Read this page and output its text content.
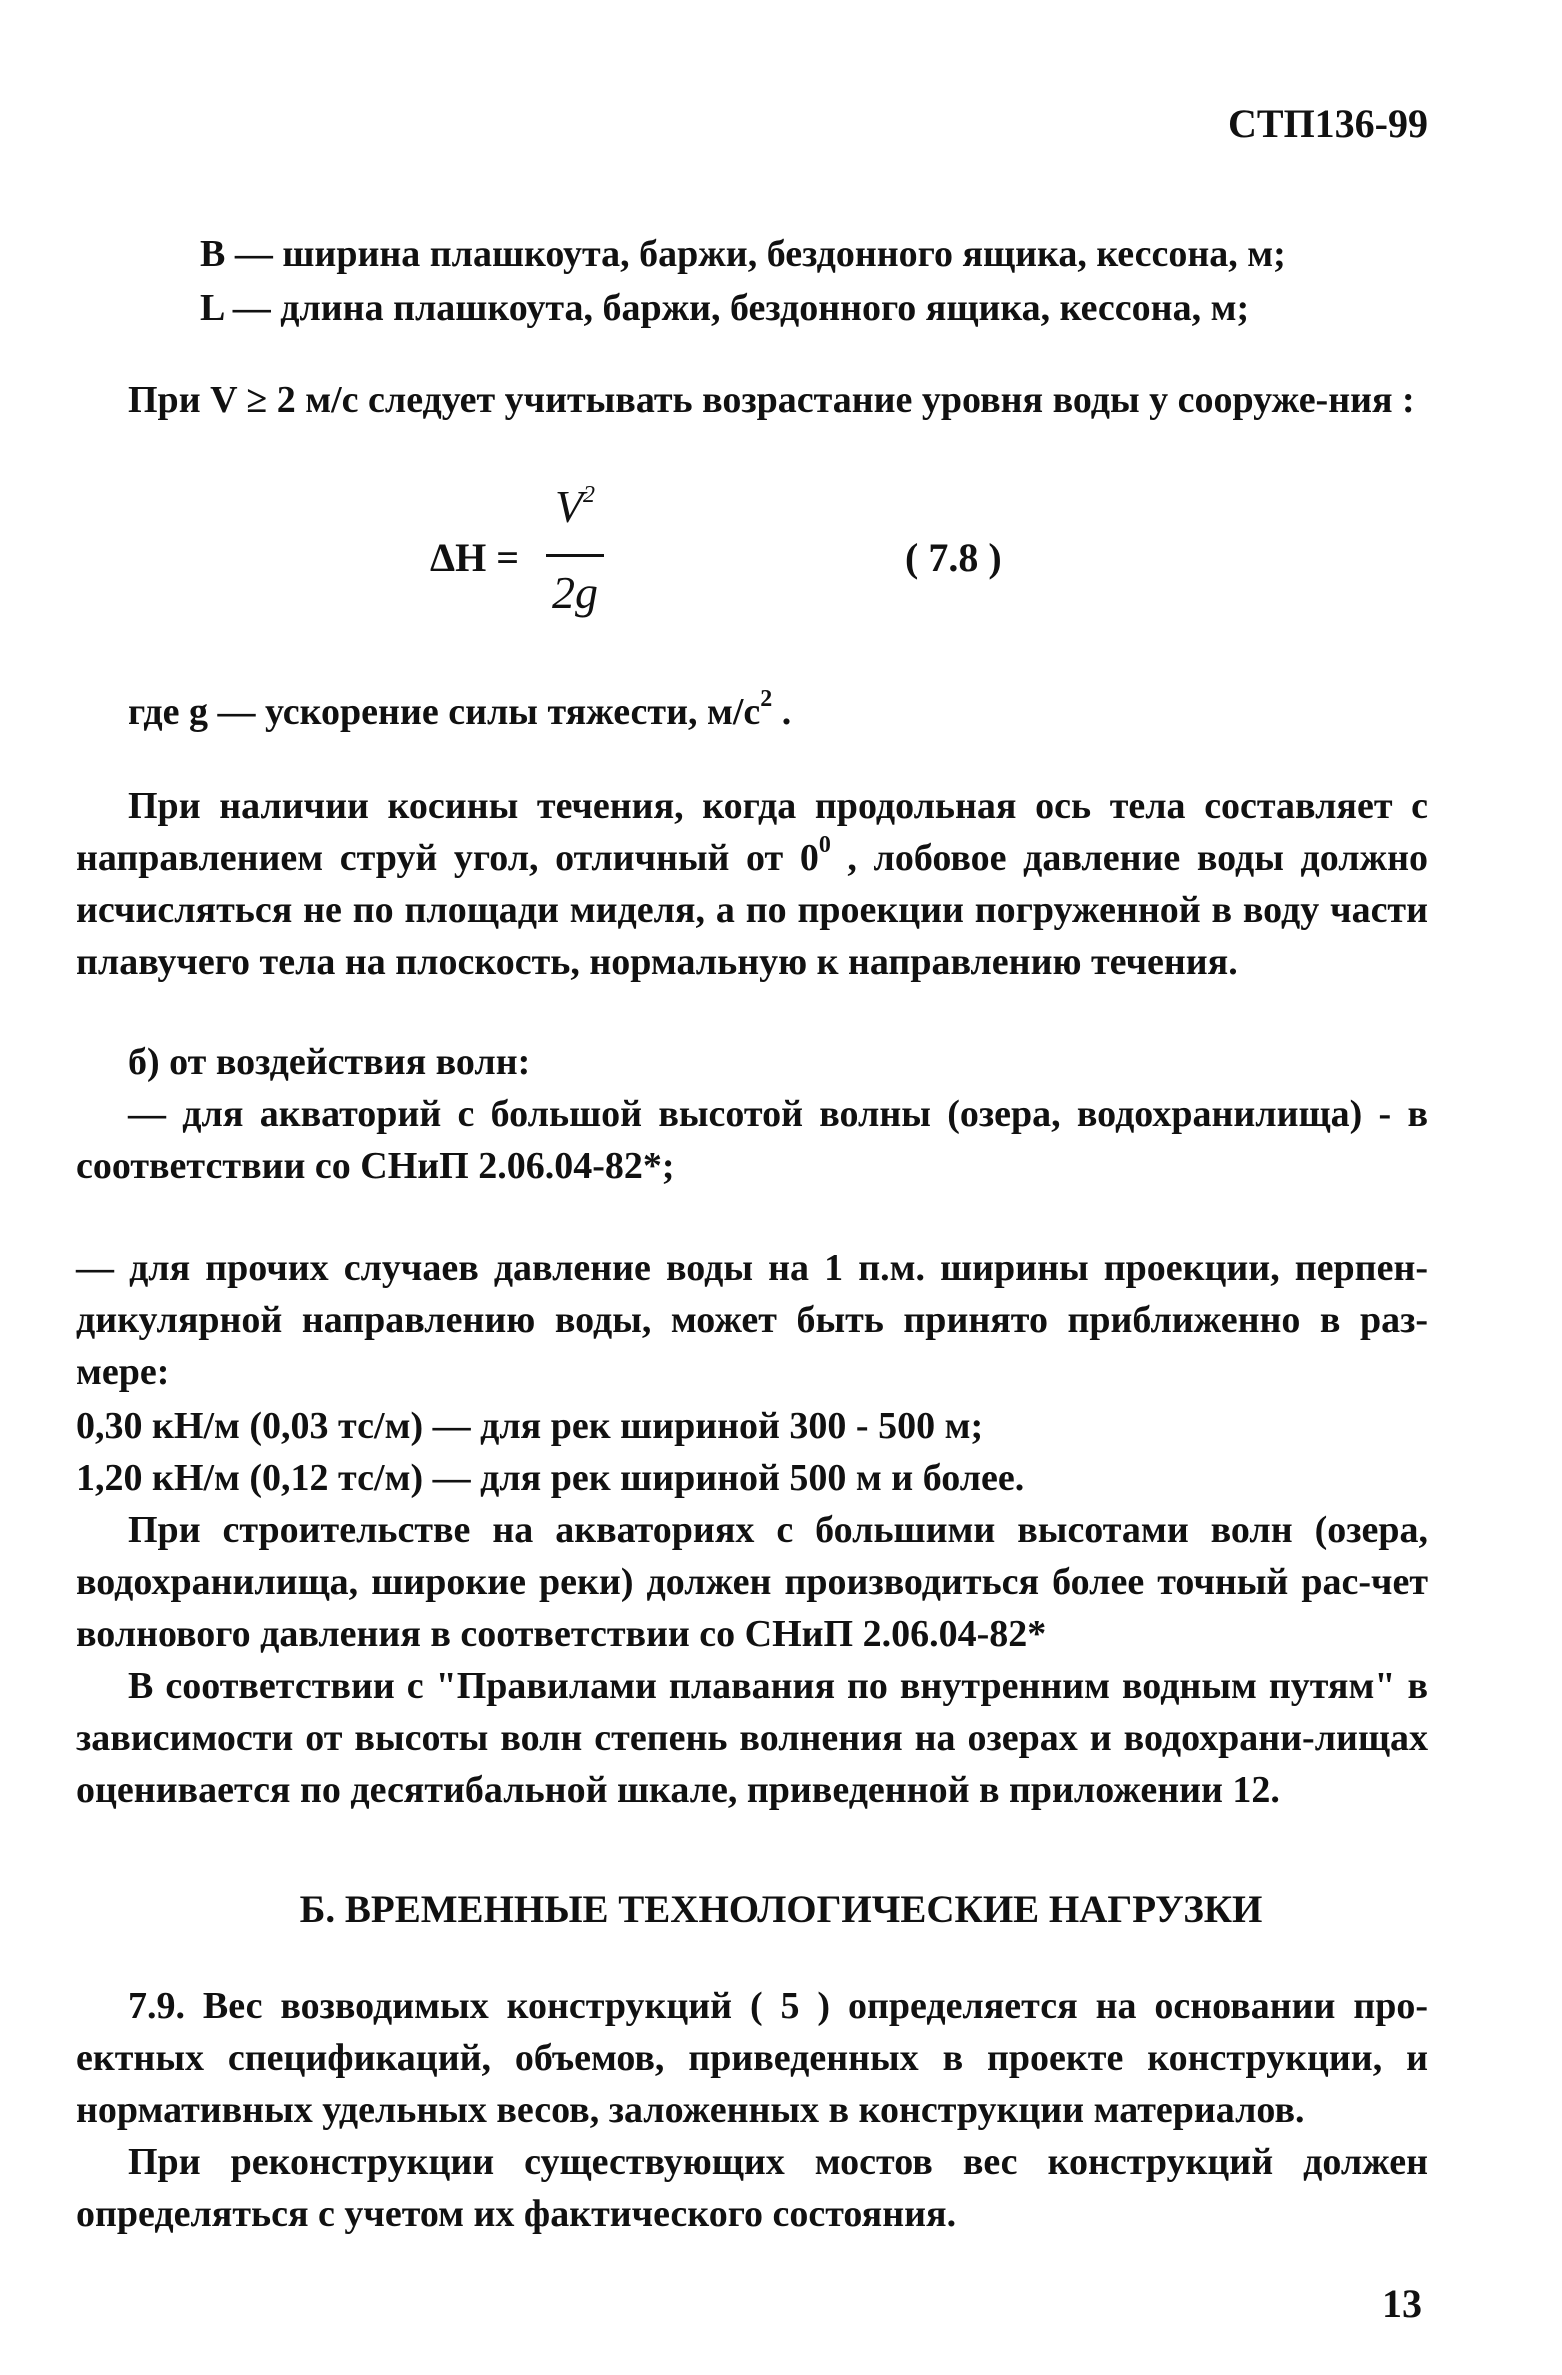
СТП136-99
B — ширина плашкоута, баржи, бездонного ящика, кессона, м;
L — длина плашкоута, баржи, бездонного ящика, кессона, м;

При V ≥ 2 м/с следует учитывать возрастание уровня воды у сооруже-ния :

ΔH =
$V^2$
2g
( 7.8 )
где g — ускорение силы тяжести, $м/с^2$ .

При наличии косины течения, когда продольная ось тела составляет с направлением струй угол, отличный от $0^0$ , лобовое давление воды должно исчисляться не по площади миделя, а по проекции погруженной в воду части плавучего тела на плоскость, нормальную к направлению течения.

б) от воздействия волн:

— для акваторий с большой высотой волны (озера, водохранилища) - в соответствии со СНиП 2.06.04-82*;

— для прочих случаев давление воды на 1 п.м. ширины проекции, перпен-дикулярной направлению воды, может быть принято приближенно в раз-мере:

0,30 кН/м (0,03 тс/м) — для рек шириной 300 - 500 м;
1,20 кН/м (0,12 тс/м) — для рек шириной 500 м и более.

При строительстве на акваториях с большими высотами волн (озера, водохранилища, широкие реки) должен производиться более точный рас-чет волнового давления в соответствии со СНиП 2.06.04-82*

В соответствии с "Правилами плавания по внутренним водным путям" в зависимости от высоты волн степень волнения на озерах и водохрани-лищах оценивается по десятибальной шкале, приведенной в приложении 12.

Б. ВРЕМЕННЫЕ ТЕХНОЛОГИЧЕСКИЕ НАГРУЗКИ

7.9. Вес возводимых конструкций ( 5 ) определяется на основании про-ектных спецификаций, объемов, приведенных в проекте конструкции, и нормативных удельных весов, заложенных в конструкции материалов.

При реконструкции существующих мостов вес конструкций должен определяться с учетом их фактического состояния.

13
